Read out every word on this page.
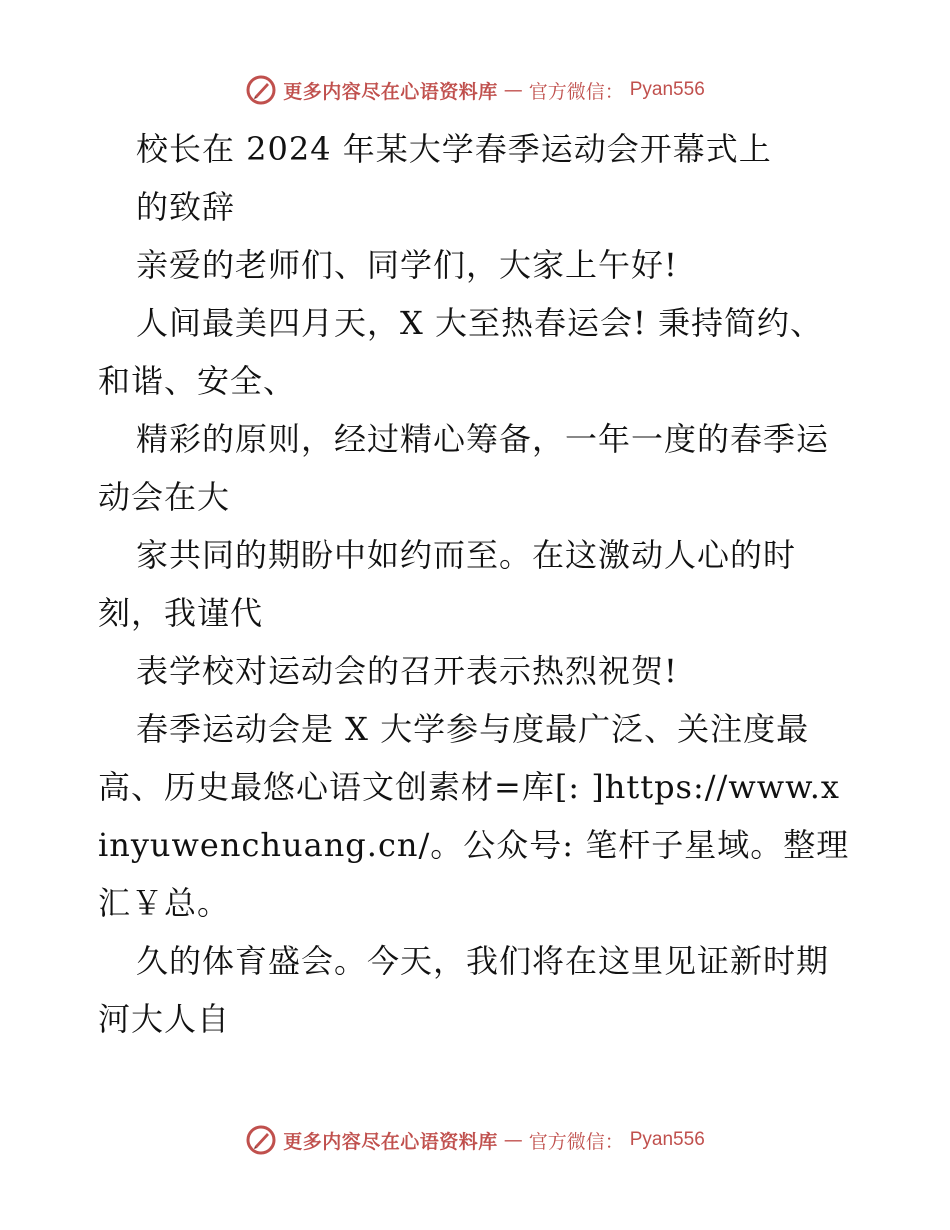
更多内容尽在心语资料库 — 官方微信： Pyan556
校长在 2024 年某大学春季运动会开幕式上
的致辞
亲爱的老师们、同学们，大家上午好!
人间最美四月天，X 大至热春运会! 秉持简约、
和谐、安全、
精彩的原则，经过精心筹备，一年一度的春季运
动会在大
家共同的期盼中如约而至。在这激动人心的时
刻，我谨代
表学校对运动会的召开表示热烈祝贺!
春季运动会是 X 大学参与度最广泛、关注度最
高、历史最悠心语文创素材=库[: ]https://www.x
inyuwenchuang.cn/。公众号: 笔杆子星域。整理
汇￥总。
久的体育盛会。今天，我们将在这里见证新时期
河大人自
更多内容尽在心语资料库 — 官方微信： Pyan556
